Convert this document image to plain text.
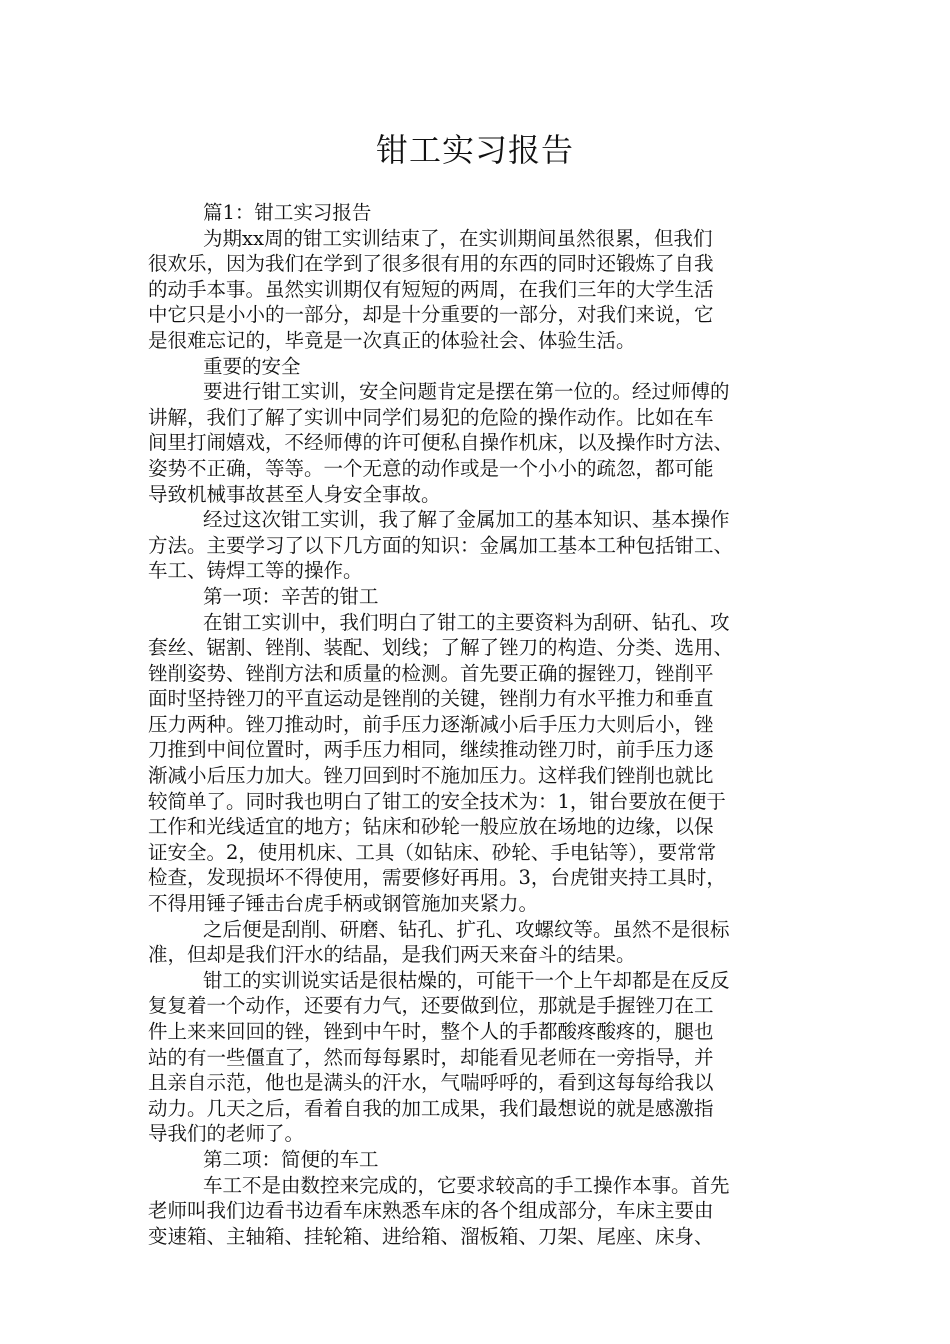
钳工实习报告
篇1：钳工实习报告
为期xx周的钳工实训结束了，在实训期间虽然很累，但我们
很欢乐，因为我们在学到了很多很有用的东西的同时还锻炼了自我
的动手本事。虽然实训期仅有短短的两周，在我们三年的大学生活
中它只是小小的一部分，却是十分重要的一部分，对我们来说，它
是很难忘记的，毕竟是一次真正的体验社会、体验生活。
重要的安全
要进行钳工实训，安全问题肯定是摆在第一位的。经过师傅的
讲解，我们了解了实训中同学们易犯的危险的操作动作。比如在车
间里打闹嬉戏，不经师傅的许可便私自操作机床，以及操作时方法、
姿势不正确，等等。一个无意的动作或是一个小小的疏忽，都可能
导致机械事故甚至人身安全事故。
经过这次钳工实训，我了解了金属加工的基本知识、基本操作
方法。主要学习了以下几方面的知识：金属加工基本工种包括钳工、
车工、铸焊工等的操作。
第一项：辛苦的钳工
在钳工实训中，我们明白了钳工的主要资料为刮研、钻孔、攻
套丝、锯割、锉削、装配、划线；了解了锉刀的构造、分类、选用、
锉削姿势、锉削方法和质量的检测。首先要正确的握锉刀，锉削平
面时坚持锉刀的平直运动是锉削的关键，锉削力有水平推力和垂直
压力两种。锉刀推动时，前手压力逐渐减小后手压力大则后小，锉
刀推到中间位置时，两手压力相同，继续推动锉刀时，前手压力逐
渐减小后压力加大。锉刀回到时不施加压力。这样我们锉削也就比
较简单了。同时我也明白了钳工的安全技术为：1，钳台要放在便于
工作和光线适宜的地方；钻床和砂轮一般应放在场地的边缘，以保
证安全。2，使用机床、工具（如钻床、砂轮、手电钻等），要常常
检查，发现损坏不得使用，需要修好再用。3，台虎钳夹持工具时，
不得用锤子锤击台虎手柄或钢管施加夹紧力。
之后便是刮削、研磨、钻孔、扩孔、攻螺纹等。虽然不是很标
准，但却是我们汗水的结晶，是我们两天来奋斗的结果。
钳工的实训说实话是很枯燥的，可能干一个上午却都是在反反
复复着一个动作，还要有力气，还要做到位，那就是手握锉刀在工
件上来来回回的锉，锉到中午时，整个人的手都酸疼酸疼的，腿也
站的有一些僵直了，然而每每累时，却能看见老师在一旁指导，并
且亲自示范，他也是满头的汗水，气喘呼呼的，看到这每每给我以
动力。几天之后，看着自我的加工成果，我们最想说的就是感激指
导我们的老师了。
第二项：简便的车工
车工不是由数控来完成的，它要求较高的手工操作本事。首先
老师叫我们边看书边看车床熟悉车床的各个组成部分，车床主要由
变速箱、主轴箱、挂轮箱、进给箱、溜板箱、刀架、尾座、床身、
